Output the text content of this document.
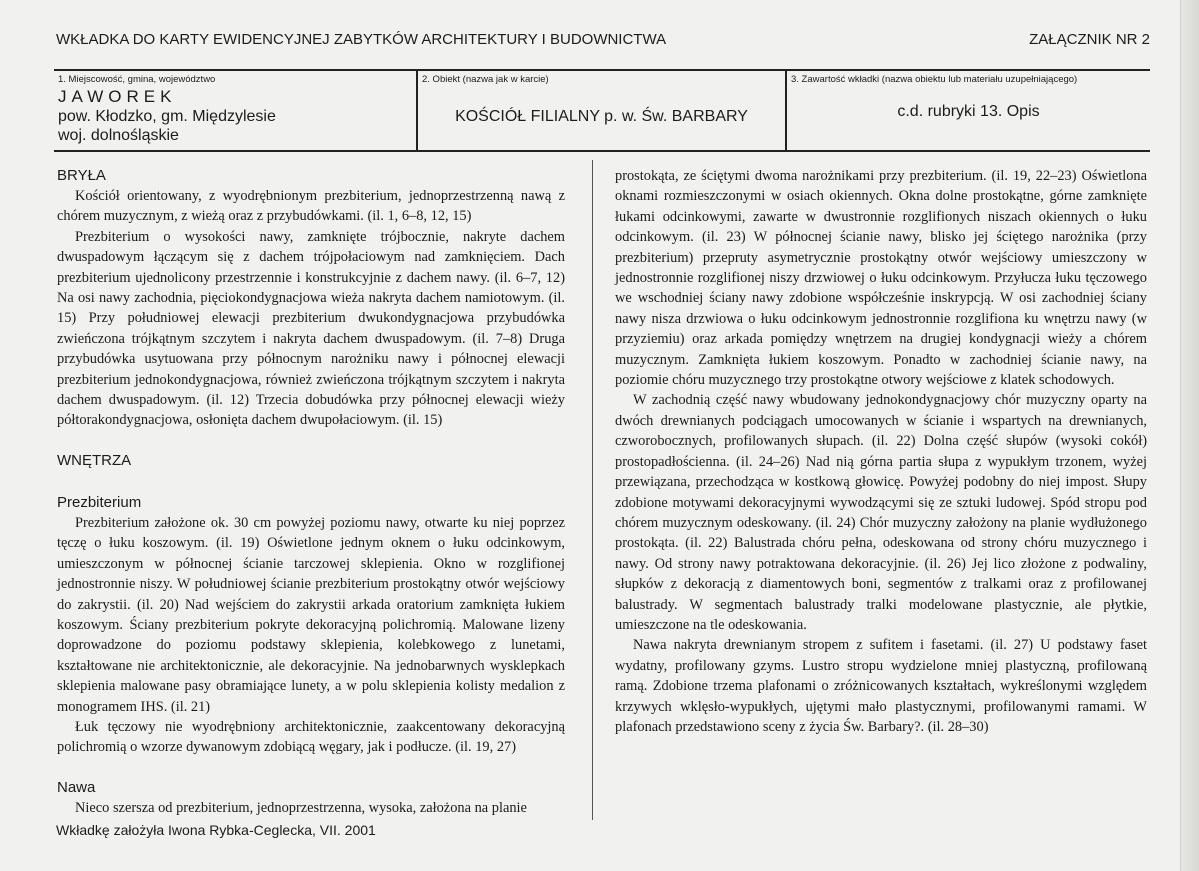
WKŁADKA DO KARTY EWIDENCYJNEJ ZABYTKÓW ARCHITEKTURY I BUDOWNICTWA	ZAŁĄCZNIK NR 2
1. Miejscowość, gmina, województwo
JAWOREK
pow. Kłodzko, gm. Międzylesie
woj. dolnośląskie
2. Obiekt (nazwa jak w karcie)
KOŚCIÓŁ FILIALNY p. w. Św. BARBARY
3. Zawartość wkładki (nazwa obiektu lub materiału uzupełniającego)
c.d. rubryki 13. Opis
BRYŁA

Kościół orientowany, z wyodrębnionym prezbiterium, jednoprzestrzenną nawą z chórem muzycznym, z wieżą oraz z przybudówkami. (il. 1, 6–8, 12, 15)

Prezbiterium o wysokości nawy, zamknięte trójbocznie, nakryte dachem dwuspadowym łączącym się z dachem trójpołaciowym nad zamknięciem. Dach prezbiterium ujednolicony przestrzennie i konstrukcyjnie z dachem nawy. (il. 6–7, 12) Na osi nawy zachodnia, pięciokondygnacjowa wieża nakryta dachem namiotowym. (il. 15) Przy południowej elewacji prezbiterium dwukondygnacjowa przybudówka zwieńczona trójkątnym szczytem i nakryta dachem dwuspadowym. (il. 7–8) Druga przybudówka usytuowana przy północnym narożniku nawy i północnej elewacji prezbiterium jednokondygnacjowa, również zwieńczona trójkątnym szczytem i nakryta dachem dwuspadowym. (il. 12) Trzecia dobudówka przy północnej elewacji wieży półtorakondygnacjowa, osłonięta dachem dwupołaciowym. (il. 15)

WNĘTRZA
Prezbiterium

Prezbiterium założone ok. 30 cm powyżej poziomu nawy, otwarte ku niej poprzez tęczę o łuku koszowym. (il. 19) Oświetlone jednym oknem o łuku odcinkowym, umieszczonym w północnej ścianie tarczowej sklepienia. Okno w rozglifionej jednostronnie niszy. W południowej ścianie prezbiterium prostokątny otwór wejściowy do zakrystii. (il. 20) Nad wejściem do zakrystii arkada oratorium zamknięta łukiem koszowym. Ściany prezbiterium pokryte dekoracyjną polichromią. Malowane lizeny doprowadzone do poziomu podstawy sklepienia, kolebkowego z lunetami, kształtowane nie architektonicznie, ale dekoracyjnie. Na jednobarwnych wysklepkach sklepienia malowane pasy obramiające lunety, a w polu sklepienia kolisty medalion z monogramem IHS. (il. 21)

Łuk tęczowy nie wyodrębniony architektonicznie, zaakcentowany dekoracyjną polichromią o wzorze dywanowym zdobiącą węgary, jak i podłucze. (il. 19, 27)

Nawa

Nieco szersza od prezbiterium, jednoprzestrzenna, wysoka, założona na planie

prostokąta, ze ściętymi dwoma narożnikami przy prezbiterium. (il. 19, 22–23) Oświetlona oknami rozmieszczonymi w osiach okiennych. Okna dolne prostokątne, górne zamknięte łukami odcinkowymi, zawarte w dwustronnie rozglifionych niszach okiennych o łuku odcinkowym. (il. 23) W północnej ścianie nawy, blisko jej ściętego narożnika (przy prezbiterium) przepruty asymetrycznie prostokątny otwór wejściowy umieszczony w jednostronnie rozglifionej niszy drzwiowej o łuku odcinkowym. Przyłucza łuku tęczowego we wschodniej ściany nawy zdobione współcześnie inskrypcją. W osi zachodniej ściany nawy nisza drzwiowa o łuku odcinkowym jednostronnie rozglifiona ku wnętrzu nawy (w przyziemiu) oraz arkada pomiędzy wnętrzem na drugiej kondygnacji wieży a chórem muzycznym. Zamknięta łukiem koszowym. Ponadto w zachodniej ścianie nawy, na poziomie chóru muzycznego trzy prostokątne otwory wejściowe z klatek schodowych.

W zachodnią część nawy wbudowany jednokondygnacjowy chór muzyczny oparty na dwóch drewnianych podciągach umocowanych w ścianie i wspartych na drewnianych, czworobocznych, profilowanych słupach. (il. 22) Dolna część słupów (wysoki cokół) prostopadłościenna. (il. 24–26) Nad nią górna partia słupa z wypukłym trzonem, wyżej przewiązana, przechodząca w kostkową głowicę. Powyżej podobny do niej impost. Słupy zdobione motywami dekoracyjnymi wywodzącymi się ze sztuki ludowej. Spód stropu pod chórem muzycznym odeskowany. (il. 24) Chór muzyczny założony na planie wydłużonego prostokąta. (il. 22) Balustrada chóru pełna, odeskowana od strony chóru muzycznego i nawy. Od strony nawy potraktowana dekoracyjnie. (il. 26) Jej lico złożone z podwaliny, słupków z dekoracją z diamentowych boni, segmentów z tralkami oraz z profilowanej balustrady. W segmentach balustrady tralki modelowane plastycznie, ale płytkie, umieszczone na tle odeskowania.

Nawa nakryta drewnianym stropem z sufitem i fasetami. (il. 27) U podstawy faset wydatny, profilowany gzyms. Lustro stropu wydzielone mniej plastyczną, profilowaną ramą. Zdobione trzema plafonami o zróżnicowanych kształtach, wykreślonymi względem krzywych wklęsło-wypukłych, ujętymi mało plastycznymi, profilowanymi ramami. W plafonach przedstawiono sceny z życia Św. Barbary?. (il. 28–30)

Wkładkę założyła Iwona Rybka-Ceglecka, VII. 2001
